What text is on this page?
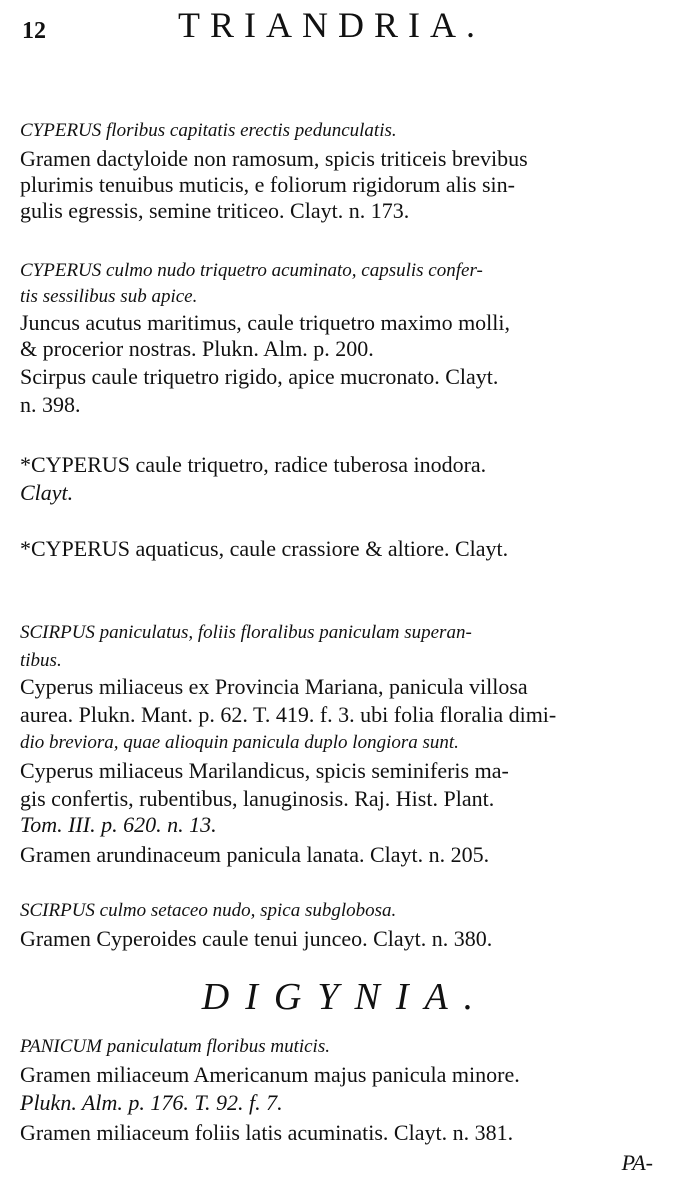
12	TRIANDRIA.
CYPERUS floribus capitatis erectis pedunculatis.
Gramen dactyloide non ramosum, spicis triticeis brevibus
plurimis tenuibus muticis, e foliorum rigidorum alis sin-
gulis egressis, semine triticeo. Clayt. n. 173.
CYPERUS culmo nudo triquetro acuminato, capsulis confer-
tis sessilibus sub apice.
Juncus acutus maritimus, caule triquetro maximo molli,
& procerior nostras. Plukn. Alm. p. 200.
Scirpus caule triquetro rigido, apice mucronato. Clayt.
n. 398.
*CYPERUS caule triquetro, radice tuberosa inodora.
Clayt.
*CYPERUS aquaticus, caule crassiore & altiore. Clayt.
SCIRPUS paniculatus, foliis floralibus paniculam superan-
tibus.
Cyperus miliaceus ex Provincia Mariana, panicula villosa
aurea. Plukn. Mant. p. 62. T. 419. f. 3. ubi folia floralia dimi-
dio breviora, quae alioquin panicula duplo longiora sunt.
Cyperus miliaceus Marilandicus, spicis seminiferis ma-
gis confertis, rubentibus, lanuginosis. Raj. Hist. Plant.
Tom. III. p. 620. n. 13.
Gramen arundinaceum panicula lanata. Clayt. n. 205.
SCIRPUS culmo setaceo nudo, spica subglobosa.
Gramen Cyperoides caule tenui junceo. Clayt. n. 380.
DIGYNIA.
PANICUM paniculatum floribus muticis.
Gramen miliaceum Americanum majus panicula minore.
Plukn. Alm. p. 176. T. 92. f. 7.
Gramen miliaceum foliis latis acuminatis. Clayt. n. 381.
PA-
